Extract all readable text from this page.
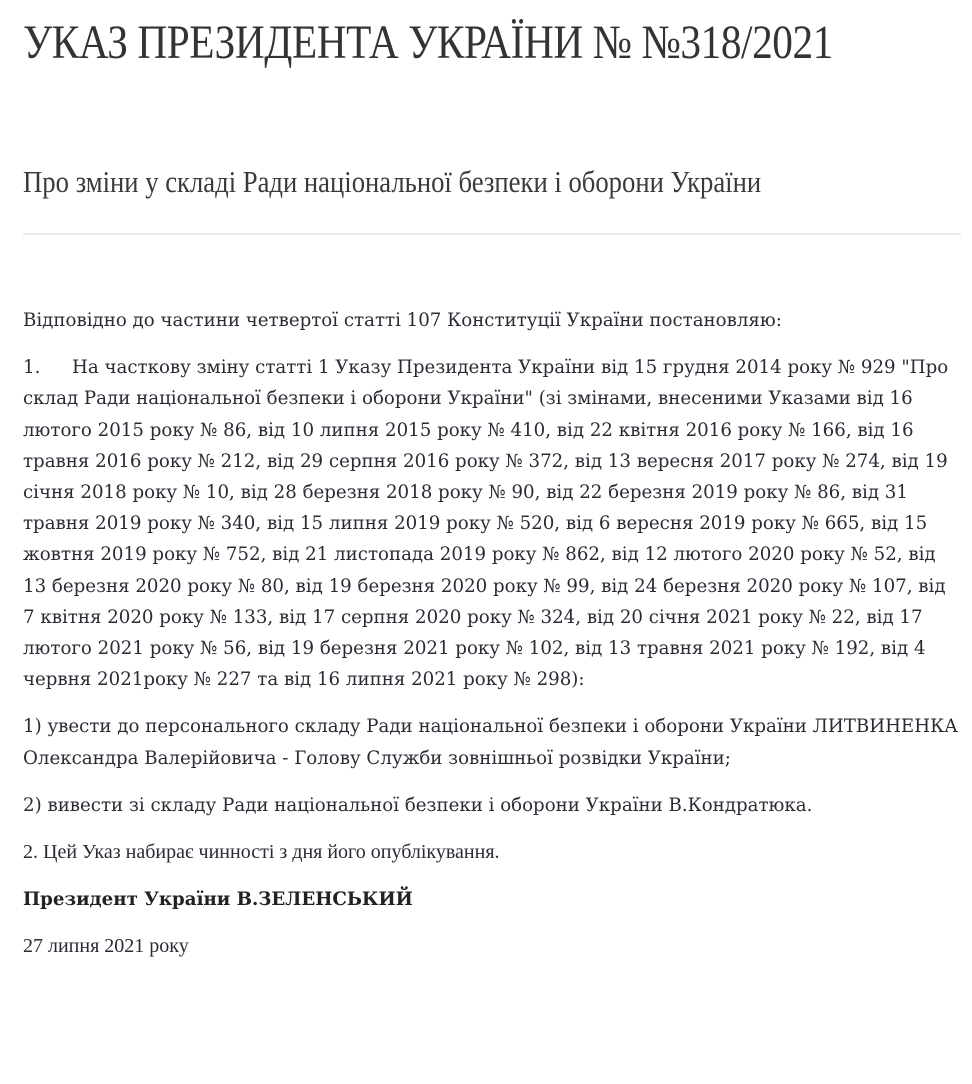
УКАЗ ПРЕЗИДЕНТА УКРАЇНИ № №318/2021
Про зміни у складі Ради національної безпеки і оборони України

Відповідно до частини четвертої статті 107 Конституції України постановляю:

1. На часткову зміну статті 1 Указу Президента України від 15 грудня 2014 року № 929 "Про склад Ради національної безпеки і оборони України" (зі змінами, внесеними Указами від 16 лютого 2015 року № 86, від 10 липня 2015 року № 410, від 22 квітня 2016 року № 166, від 16 травня 2016 року № 212, від 29 серпня 2016 року № 372, від 13 вересня 2017 року № 274, від 19 січня 2018 року № 10, від 28 березня 2018 року № 90, від 22 березня 2019 року № 86, від 31 травня 2019 року № 340, від 15 липня 2019 року № 520, від 6 вересня 2019 року № 665, від 15 жовтня 2019 року № 752, від 21 листопада 2019 року № 862, від 12 лютого 2020 року № 52, від 13 березня 2020 року № 80, від 19 березня 2020 року № 99, від 24 березня 2020 року № 107, від 7 квітня 2020 року № 133, від 17 серпня 2020 року № 324, від 20 січня 2021 року № 22, від 17 лютого 2021 року № 56, від 19 березня 2021 року № 102, від 13 травня 2021 року № 192, від 4 червня 2021року № 227 та від 16 липня 2021 року № 298):

1) увести до персонального складу Ради національної безпеки і оборони України ЛИТВИНЕНКА Олександра Валерійовича - Голову Служби зовнішньої розвідки України;

2) вивести зі складу Ради національної безпеки і оборони України В.Кондратюка.

2. Цей Указ набирає чинності з дня його опублікування.

Президент України В.ЗЕЛЕНСЬКИЙ

27 липня 2021 року
